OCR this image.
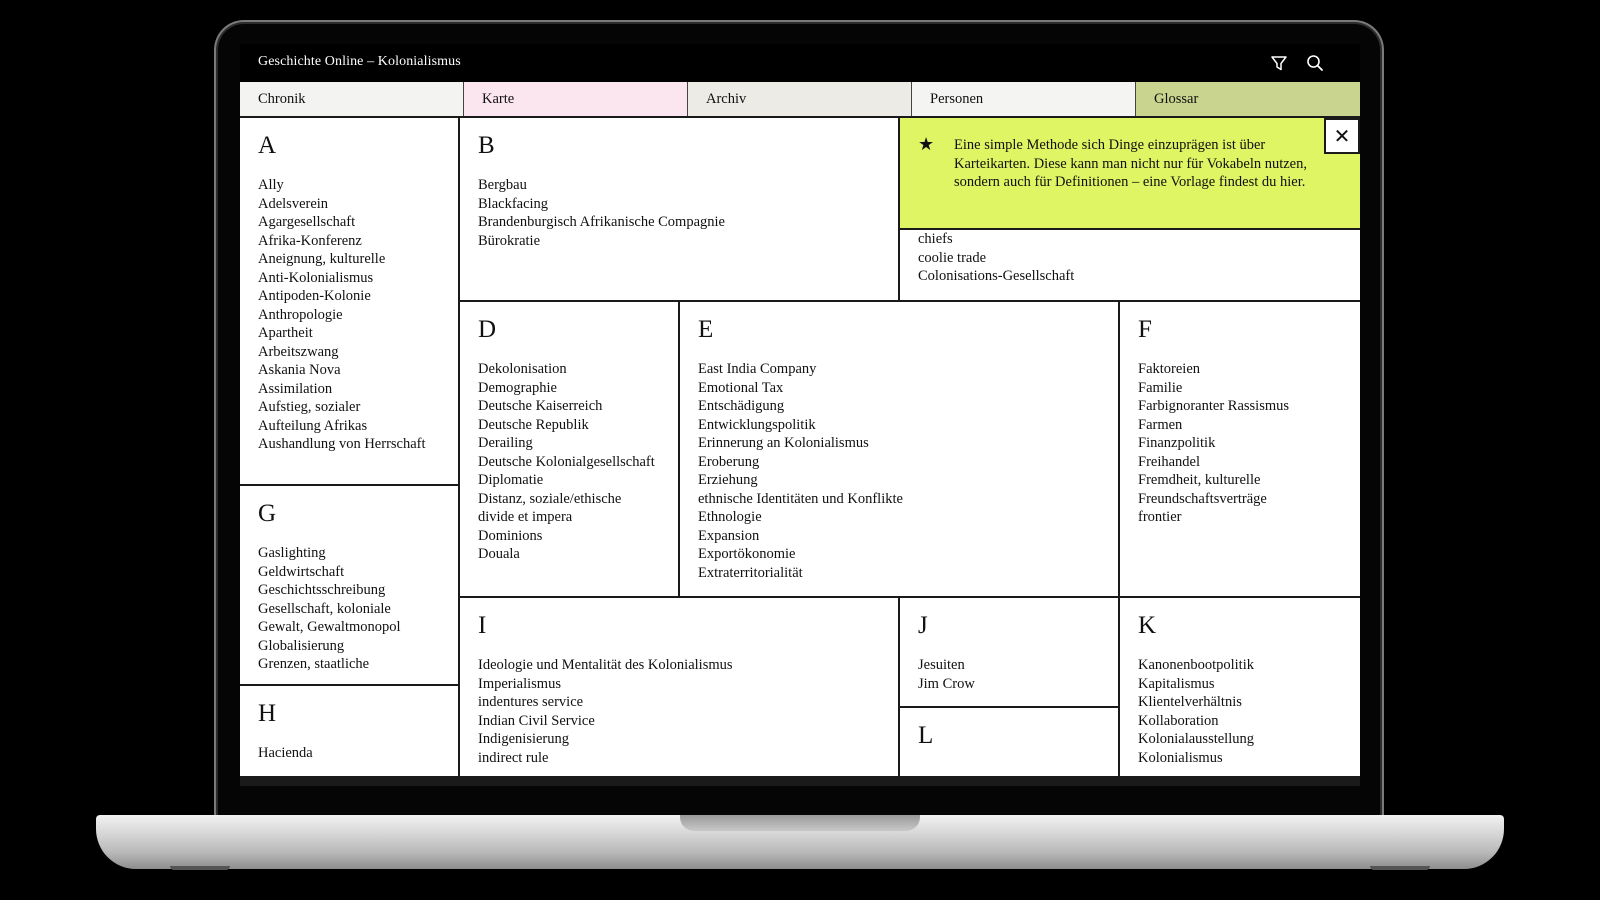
Geschichte Online – Kolonialismus
Chronik	Karte	Archiv	Personen	Glossar
A
Ally
Adelsverein
Agargesellschaft
Afrika-Konferenz
Aneignung, kulturelle
Anti-Kolonialismus
Antipoden-Kolonie
Anthropologie
Apartheit
Arbeitszwang
Askania Nova
Assimilation
Aufstieg, sozialer
Aufteilung Afrikas
Aushandlung von Herrschaft
G
Gaslighting
Geldwirtschaft
Geschichtsschreibung
Gesellschaft, koloniale
Gewalt, Gewaltmonopol
Globalisierung
Grenzen, staatliche
H
Hacienda
B
Bergbau
Blackfacing
Brandenburgisch Afrikanische Compagnie
Bürokratie	chiefs
coolie trade
Colonisations-Gesellschaft
D
Dekolonisation
Demographie
Deutsche Kaiserreich
Deutsche Republik
Derailing
Deutsche Kolonialgesellschaft
Diplomatie
Distanz, soziale/ethische
divide et impera
Dominions
Douala
E
East India Company
Emotional Tax
Entschädigung
Entwicklungspolitik
Erinnerung an Kolonialismus
Eroberung
Erziehung
ethnische Identitäten und Konflikte
Ethnologie
Expansion
Exportökonomie
Extraterritorialität
F
Faktoreien
Familie
Farbignoranter Rassismus
Farmen
Finanzpolitik
Freihandel
Fremdheit, kulturelle
Freundschaftsverträge
frontier
I
Ideologie und Mentalität des Kolonialismus
Imperialismus
indentures service
Indian Civil Service
Indigenisierung
indirect rule
J
Jesuiten
Jim Crow
L
K
Kanonenbootpolitik
Kapitalismus
Klientelverhältnis
Kollaboration
Kolonialausstellung
Kolonialismus
★ Eine simple Methode sich Dinge einzuprägen ist über Karteikarten. Diese kann man nicht nur für Vokabeln nutzen, sondern auch für Definitionen – eine Vorlage findest du hier.
✕
